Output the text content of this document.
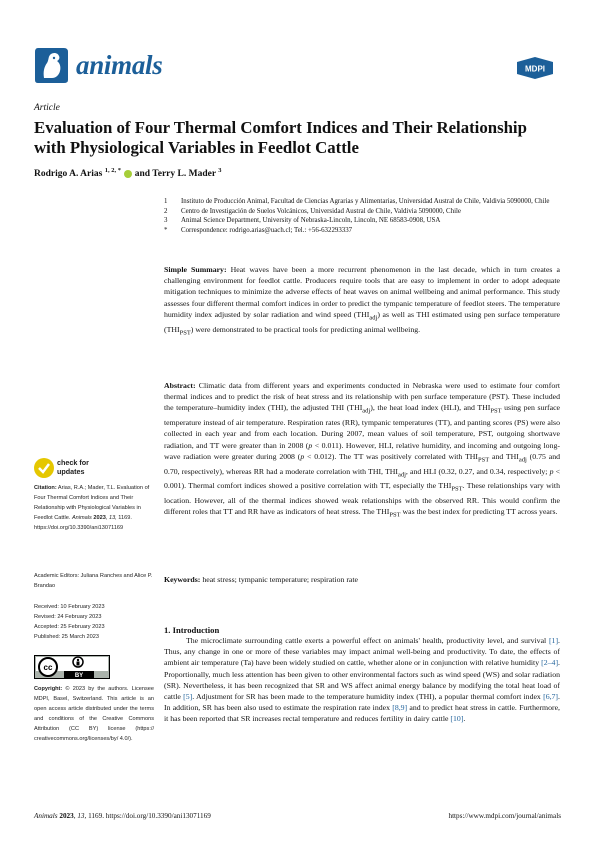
animals	MDPI
Article
Evaluation of Four Thermal Comfort Indices and Their Relationship with Physiological Variables in Feedlot Cattle
Rodrigo A. Arias $^{1, 2, *}$ and Terry L. Mader $^3$
1	Instituto de Producción Animal, Facultad de Ciencias Agrarias y Alimentarias, Universidad Austral de Chile, Valdivia 5090000, Chile
2	Centro de Investigación de Suelos Volcánicos, Universidad Austral de Chile, Valdivia 5090000, Chile
3	Animal Science Department, University of Nebraska-Lincoln, Lincoln, NE 68583-0908, USA
*	Correspondence: rodrigo.arias@uach.cl; Tel.: +56-632293337
Simple Summary: Heat waves have been a more recurrent phenomenon in the last decade, which in turn creates a challenging environment for feedlot cattle. Producers require tools that are easy to implement in order to adopt adequate mitigation techniques to minimize the adverse effects of heat waves on animal wellbeing and animal performance. This study assesses four different thermal comfort indices in order to predict the tympanic temperature of feedlot steers. The temperature humidity index adjusted by solar radiation and wind speed $(THI_{adj})$ as well as THI estimated using pen surface temperature $(THI_{PST})$ were demonstrated to be practical tools for predicting animal wellbeing.
Abstract: Climatic data from different years and experiments conducted in Nebraska were used to estimate four comfort thermal indices and to predict the risk of heat stress and its relationship with pen surface temperature (PST). These included the temperature–humidity index (THI), the adjusted THI $(THI_{adj})$, the heat load index (HLI), and $THI_{PST}$ using pen surface temperature instead of air temperature. Respiration rates (RR), tympanic temperatures (TT), and panting scores (PS) were also collected in each year and from each location. During 2007, mean values of soil temperature, PST, outgoing shortwave radiation, and TT were greater than in 2008 (p < 0.011). However, HLI, relative humidity, and incoming and outgoing long-wave radiation were greater during 2008 (p < 0.012). The TT was positively correlated with $THI_{PST}$ and $THI_{adj}$ (0.75 and 0.70, respectively), whereas RR had a moderate correlation with THI, $THI_{adj}$, and HLI (0.32, 0.27, and 0.34, respectively; p < 0.001). Thermal comfort indices showed a positive correlation with TT, especially the $THI_{PST}$. These relationships vary with location. However, all of the thermal indices showed weak relationships with the observed RR. This would confirm the different roles that TT and RR have as indicators of heat stress. The $THI_{PST}$ was the best index for predicting TT across years.
Keywords: heat stress; tympanic temperature; respiration rate
1. Introduction
The microclimate surrounding cattle exerts a powerful effect on animals' health, productivity level, and survival [1]. Thus, any change in one or more of these variables may impact animal well-being and productivity. To date, the effects of ambient air temperature (Ta) have been widely studied on cattle, whether alone or in conjunction with relative humidity [2–4]. Proportionally, much less attention has been given to other environmental factors such as wind speed (WS) and solar radiation (SR). Nevertheless, it has been recognized that SR and WS affect animal energy balance by modifying the total heat load of cattle [5]. Adjustment for SR has been made to the temperature humidity index (THI), a popular thermal comfort index [6,7]. In addition, SR has been also used to estimate the respiration rate index [8,9] and to predict heat stress in cattle. Furthermore, it has been reported that SR increases rectal temperature and reduces fertility in dairy cattle [10].
check for
updates
Citation: Arias, R.A.; Mader, T.L. Evaluation of Four Thermal Comfort Indices and Their Relationship with Physiological Variables in Feedlot Cattle. Animals 2023, 13, 1169. https://doi.org/10.3390/ani13071169
Academic Editors: Juliana Ranches and Alice P. Brandao
Received: 10 February 2023
Revised: 24 February 2023
Accepted: 25 February 2023
Published: 25 March 2023
cc
BY
Copyright: © 2023 by the authors. Licensee MDPI, Basel, Switzerland. This article is an open access article distributed under the terms and conditions of the Creative Commons Attribution (CC BY) license (https:// creativecommons.org/licenses/by/ 4.0/).
Animals 2023, 13, 1169. https://doi.org/10.3390/ani13071169	https://www.mdpi.com/journal/animals
